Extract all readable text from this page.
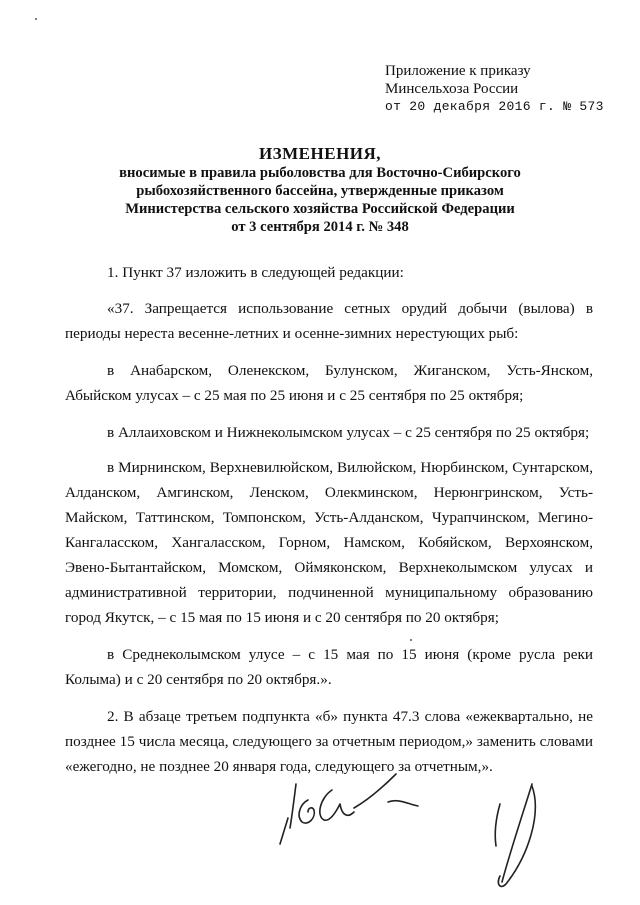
Приложение к приказу
Минсельхоза России
от 20 декабря 2016 г. № 573
ИЗМЕНЕНИЯ,
вносимые в правила рыболовства для Восточно-Сибирского
рыбохозяйственного бассейна, утвержденные приказом
Министерства сельского хозяйства Российской Федерации
от 3 сентября 2014 г. № 348

1. Пункт 37 изложить в следующей редакции:

«37. Запрещается использование сетных орудий добычи (вылова) в периоды нереста весенне-летних и осенне-зимних нерестующих рыб:

в Анабарском, Оленекском, Булунском, Жиганском, Усть-Янском, Абыйском улусах – с 25 мая по 25 июня и с 25 сентября по 25 октября;

в Аллаиховском и Нижнеколымском улусах – с 25 сентября по 25 октября;

в Мирнинском, Верхневилюйском, Вилюйском, Нюрбинском, Сунтарском, Алданском, Амгинском, Ленском, Олекминском, Нерюнгринском, Усть-Майском, Таттинском, Томпонском, Усть-Алданском, Чурапчинском, Мегино-Кангаласском, Хангаласском, Горном, Намском, Кобяйском, Верхоянском, Эвено-Бытантайском, Момском, Оймяконском, Верхнеколымском улусах и административной территории, подчиненной муниципальному образованию город Якутск, – с 15 мая по 15 июня и с 20 сентября по 20 октября;

в Среднеколымском улусе – с 15 мая по 15 июня (кроме русла реки Колыма) и с 20 сентября по 20 октября.».

2. В абзаце третьем подпункта «б» пункта 47.3 слова «ежеквартально, не позднее 15 числа месяца, следующего за отчетным периодом,» заменить словами «ежегодно, не позднее 20 января года, следующего за отчетным,».
